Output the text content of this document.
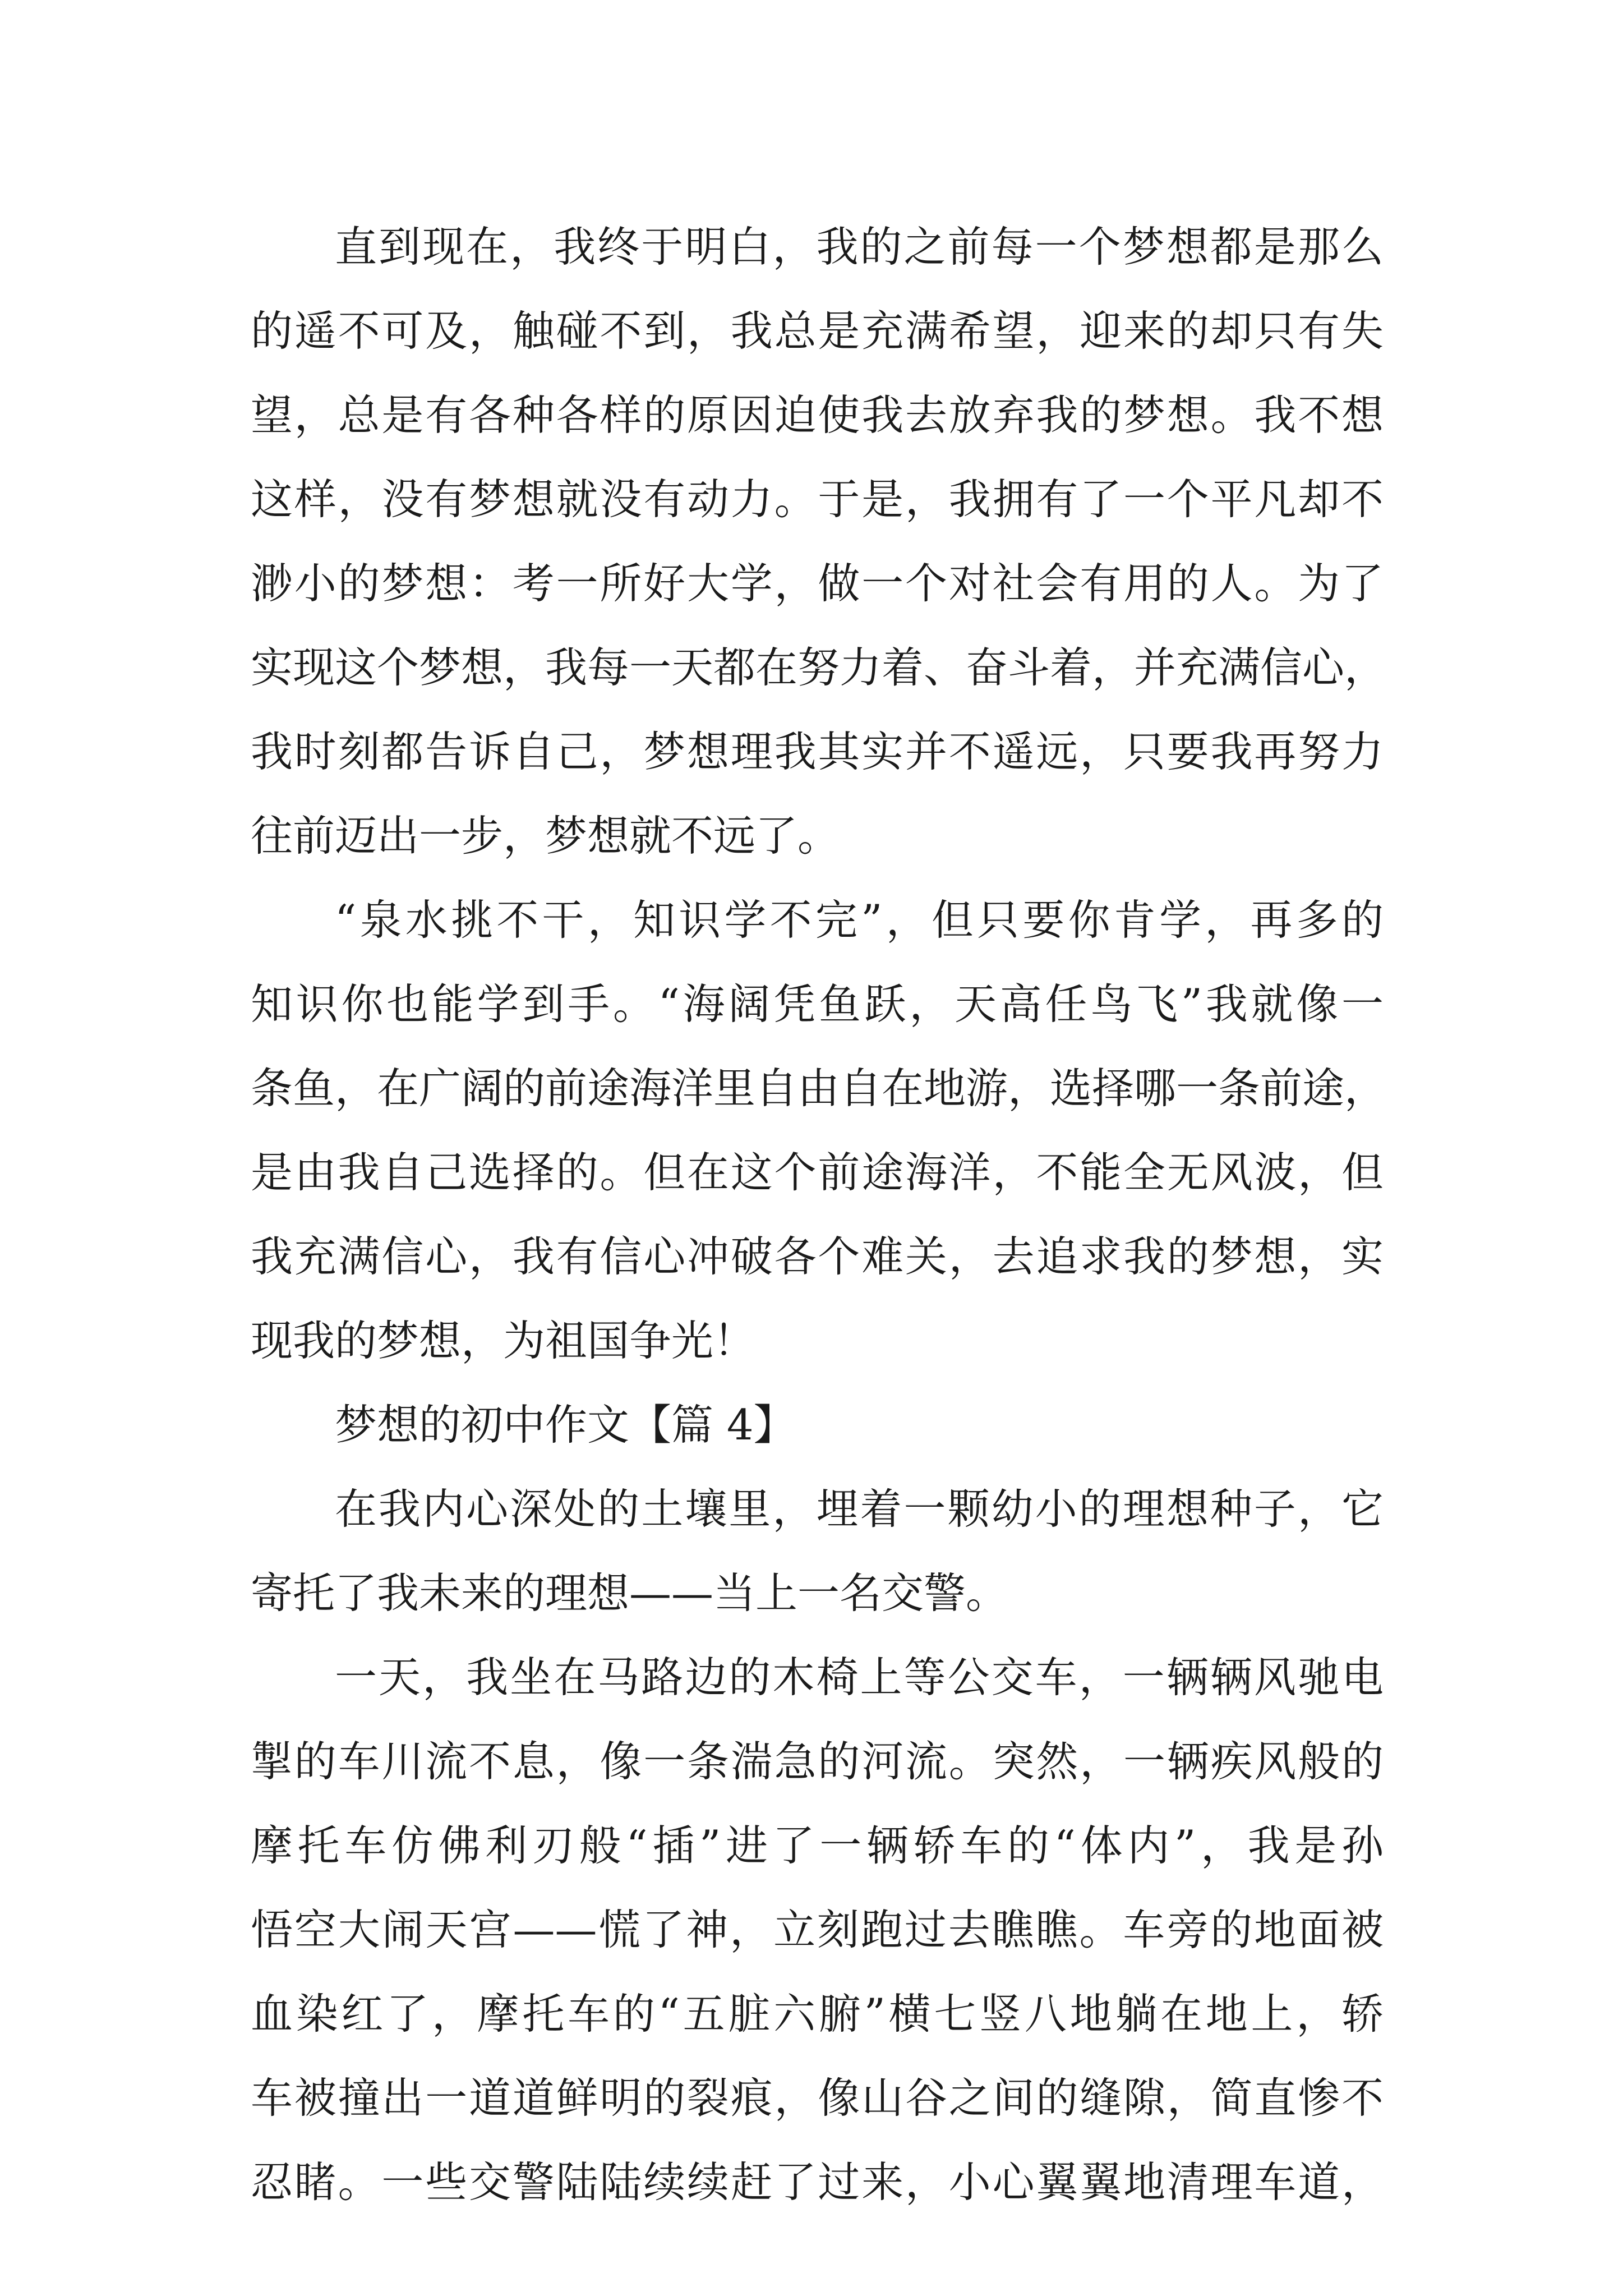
直到现在，我终于明白，我的之前每一个梦想都是那么
的遥不可及，触碰不到，我总是充满希望，迎来的却只有失
望，总是有各种各样的原因迫使我去放弃我的梦想。我不想
这样，没有梦想就没有动力。于是，我拥有了一个平凡却不
渺小的梦想：考一所好大学，做一个对社会有用的人。为了
实现这个梦想，我每一天都在努力着、奋斗着，并充满信心，
我时刻都告诉自己，梦想理我其实并不遥远，只要我再努力
往前迈出一步，梦想就不远了。
“泉水挑不干，知识学不完”，但只要你肯学，再多的
知识你也能学到手。“海阔凭鱼跃，天高任鸟飞”我就像一
条鱼，在广阔的前途海洋里自由自在地游，选择哪一条前途，
是由我自己选择的。但在这个前途海洋，不能全无风波，但
我充满信心，我有信心冲破各个难关，去追求我的梦想，实
现我的梦想，为祖国争光！
梦想的初中作文【篇 4】
在我内心深处的土壤里，埋着一颗幼小的理想种子，它
寄托了我未来的理想——当上一名交警。
一天，我坐在马路边的木椅上等公交车，一辆辆风驰电
掣的车川流不息，像一条湍急的河流。突然，一辆疾风般的
摩托车仿佛利刃般“插”进了一辆轿车的“体内”，我是孙
悟空大闹天宫——慌了神，立刻跑过去瞧瞧。车旁的地面被
血染红了，摩托车的“五脏六腑”横七竖八地躺在地上，轿
车被撞出一道道鲜明的裂痕，像山谷之间的缝隙，简直惨不
忍睹。一些交警陆陆续续赶了过来，小心翼翼地清理车道，
